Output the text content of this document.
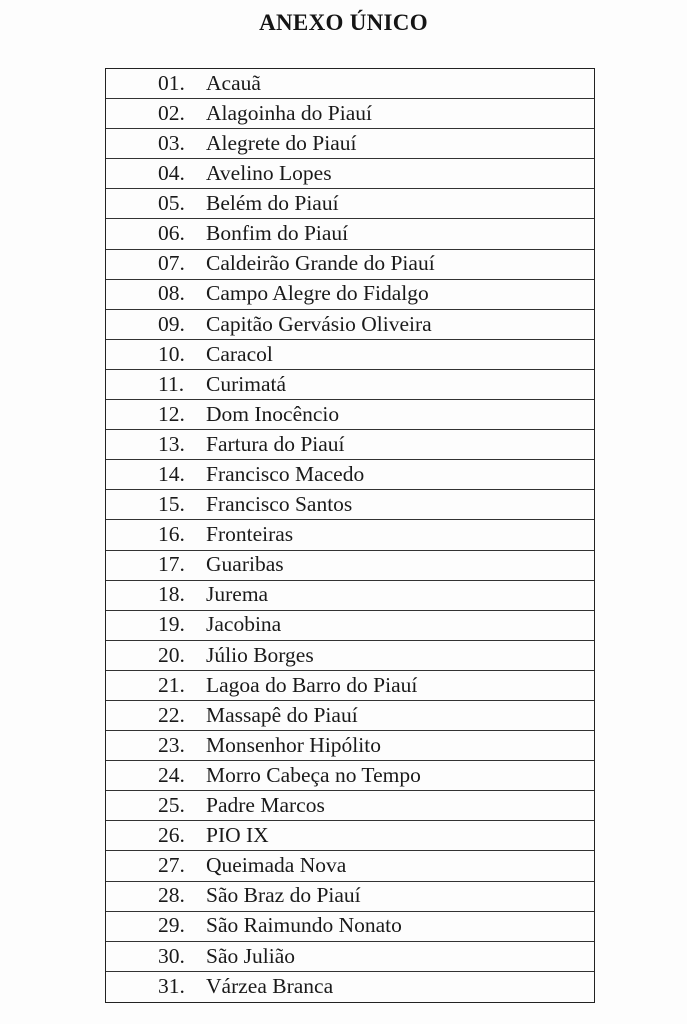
ANEXO ÚNICO
01. Acauã
02. Alagoinha do Piauí
03. Alegrete do Piauí
04. Avelino Lopes
05. Belém do Piauí
06. Bonfim do Piauí
07. Caldeirão Grande do Piauí
08. Campo Alegre do Fidalgo
09. Capitão Gervásio Oliveira
10. Caracol
11.	Curimatá
12. Dom Inocêncio
13. Fartura do Piauí
14. Francisco Macedo
15. Francisco Santos
16. Fronteiras
17. Guaribas
18. Jurema
19. Jacobina
20. Júlio Borges
21. Lagoa do Barro do Piauí
22. Massapê do Piauí
23. Monsenhor Hipólito
24. Morro Cabeça no Tempo
25. Padre Marcos
26. PIO IX
27. Queimada Nova
28. São Braz do Piauí
29. São Raimundo Nonato
30. São Julião
31. Várzea Branca
